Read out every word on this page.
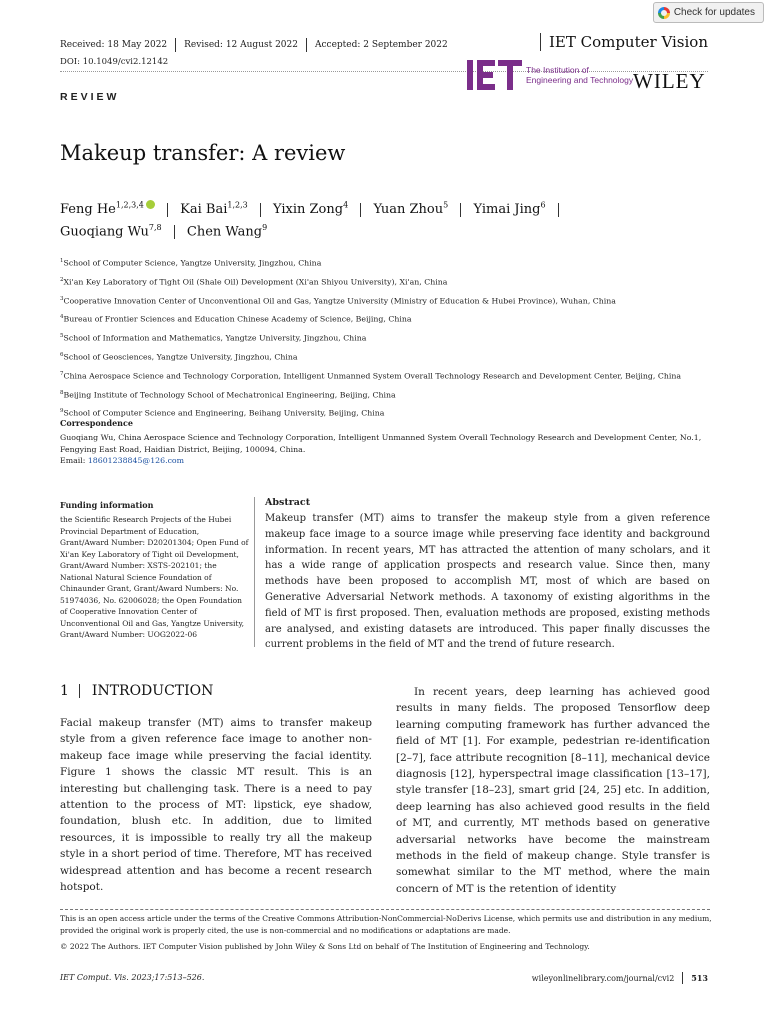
Check for updates
Received: 18 May 2022 Revised: 12 August 2022 Accepted: 2 September 2022	IET Computer Vision
DOI: 10.1049/cvi2.12142
The Institution of
Engineering and Technology WILEY
REVIEW
Makeup transfer: A review
Feng He$^{1,2,3,4}$	Kai Bai$^{1,2,3}$ Yixin Zong$^4$ Yuan Zhou$^5$ Yimai Jing$^6$
Guoqiang Wu$^{7,8}$ Chen Wang$^9$
$^1$School of Computer Science, Yangtze University, Jingzhou, China
$^2$Xi'an Key Laboratory of Tight Oil (Shale Oil) Development (Xi'an Shiyou University), Xi'an, China
$^3$Cooperative Innovation Center of Unconventional Oil and Gas, Yangtze University (Ministry of Education & Hubei Province), Wuhan, China
$^4$Bureau of Frontier Sciences and Education Chinese Academy of Science, Beijing, China
$^5$School of Information and Mathematics, Yangtze University, Jingzhou, China
$^6$School of Geosciences, Yangtze University, Jingzhou, China
$^7$China Aerospace Science and Technology Corporation, Intelligent Unmanned System Overall Technology Research and Development Center, Beijing, China
$^8$Beijing Institute of Technology School of Mechatronical Engineering, Beijing, China
$^9$School of Computer Science and Engineering, Beihang University, Beijing, China
Correspondence
Guoqiang Wu, China Aerospace Science and Technology Corporation, Intelligent Unmanned System Overall Technology Research and Development Center, No.1, Fengying East Road, Haidian District, Beijing, 100094, China.
Email: 18601238845@126.com
Funding information
the Scientific Research Projects of the Hubei Provincial Department of Education, Grant/Award Number: D20201304; Open Fund of Xi'an Key Laboratory of Tight oil Development, Grant/Award Number: XSTS-202101; the National Natural Science Foundation of Chinaunder Grant, Grant/Award Numbers: No. 51974036, No. 62006028; the Open Foundation of Cooperative Innovation Center of Unconventional Oil and Gas, Yangtze University, Grant/Award Number: UOG2022-06
Abstract
Makeup transfer (MT) aims to transfer the makeup style from a given reference makeup face image to a source image while preserving face identity and background information. In recent years, MT has attracted the attention of many scholars, and it has a wide range of application prospects and research value. Since then, many methods have been proposed to accomplish MT, most of which are based on Generative Adversarial Network methods. A taxonomy of existing algorithms in the field of MT is first proposed. Then, evaluation methods are proposed, existing methods are analysed, and existing datasets are introduced. This paper finally discusses the current problems in the field of MT and the trend of future research.
1 INTRODUCTION
Facial makeup transfer (MT) aims to transfer makeup style from a given reference face image to another non-makeup face image while preserving the facial identity. Figure 1 shows the classic MT result. This is an interesting but challenging task. There is a need to pay attention to the process of MT: lipstick, eye shadow, foundation, blush etc. In addition, due to limited resources, it is impossible to really try all the makeup style in a short period of time. Therefore, MT has received widespread attention and has become a recent research hotspot.
In recent years, deep learning has achieved good results in many fields. The proposed Tensorflow deep learning computing framework has further advanced the field of MT [1]. For example, pedestrian re-identification [2–7], face attribute recognition [8–11], mechanical device diagnosis [12], hyperspectral image classification [13–17], style transfer [18–23], smart grid [24, 25] etc. In addition, deep learning has also achieved good results in the field of MT, and currently, MT methods based on generative adversarial networks have become the mainstream methods in the field of makeup change. Style transfer is somewhat similar to the MT method, where the main concern of MT is the retention of identity
This is an open access article under the terms of the Creative Commons Attribution-NonCommercial-NoDerivs License, which permits use and distribution in any medium, provided the original work is properly cited, the use is non-commercial and no modifications or adaptations are made.
© 2022 The Authors. IET Computer Vision published by John Wiley & Sons Ltd on behalf of The Institution of Engineering and Technology.
IET Comput. Vis. 2023;17:513–526.	wileyonlinelibrary.com/journal/cvi2 513
